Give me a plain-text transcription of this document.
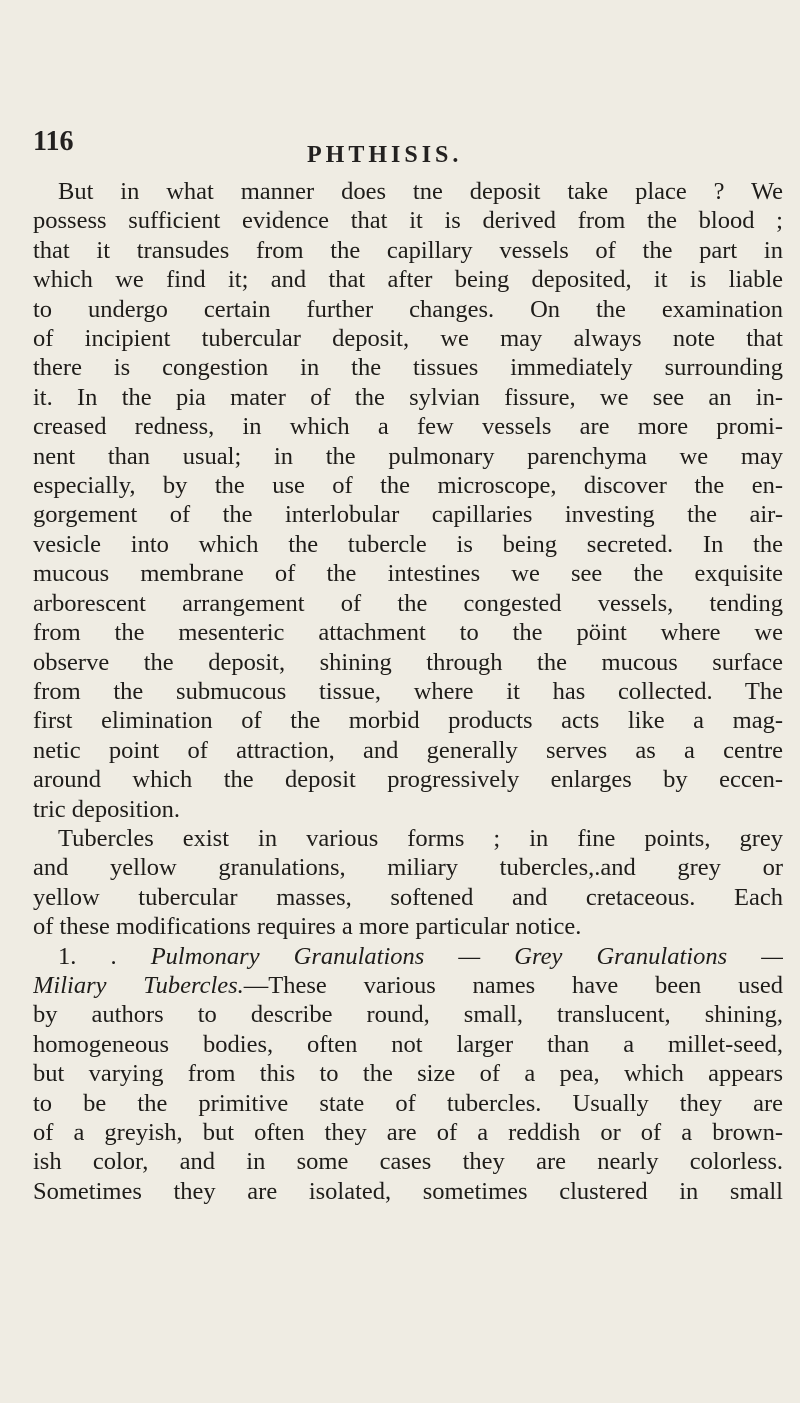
116	PHTHISIS.
But in what manner does tne deposit take place ? We
possess sufficient evidence that it is derived from the blood ;
that it transudes from the capillary vessels of the part in
which we find it; and that after being deposited, it is liable
to undergo certain further changes. On the examination
of incipient tubercular deposit, we may always note that
there is congestion in the tissues immediately surrounding
it. In the pia mater of the sylvian fissure, we see an in-
creased redness, in which a few vessels are more promi-
nent than usual; in the pulmonary parenchyma we may
especially, by the use of the microscope, discover the en-
gorgement of the interlobular capillaries investing the air-
vesicle into which the tubercle is being secreted. In the
mucous membrane of the intestines we see the exquisite
arborescent arrangement of the congested vessels, tending
from the mesenteric attachment to the pöint where we
observe the deposit, shining through the mucous surface
from the submucous tissue, where it has collected. The
first elimination of the morbid products acts like a mag-
netic point of attraction, and generally serves as a centre
around which the deposit progressively enlarges by eccen-
tric deposition.
Tubercles exist in various forms ; in fine points, grey
and yellow granulations, miliary tubercles,.and grey or
yellow tubercular masses, softened and cretaceous. Each
of these modifications requires a more particular notice.
1. . Pulmonary Granulations — Grey Granulations —
Miliary Tubercles.—These various names have been used
by authors to describe round, small, translucent, shining,
homogeneous bodies, often not larger than a millet-seed,
but varying from this to the size of a pea, which appears
to be the primitive state of tubercles. Usually they are
of a greyish, but often they are of a reddish or of a brown-
ish color, and in some cases they are nearly colorless.
Sometimes they are isolated, sometimes clustered in small
